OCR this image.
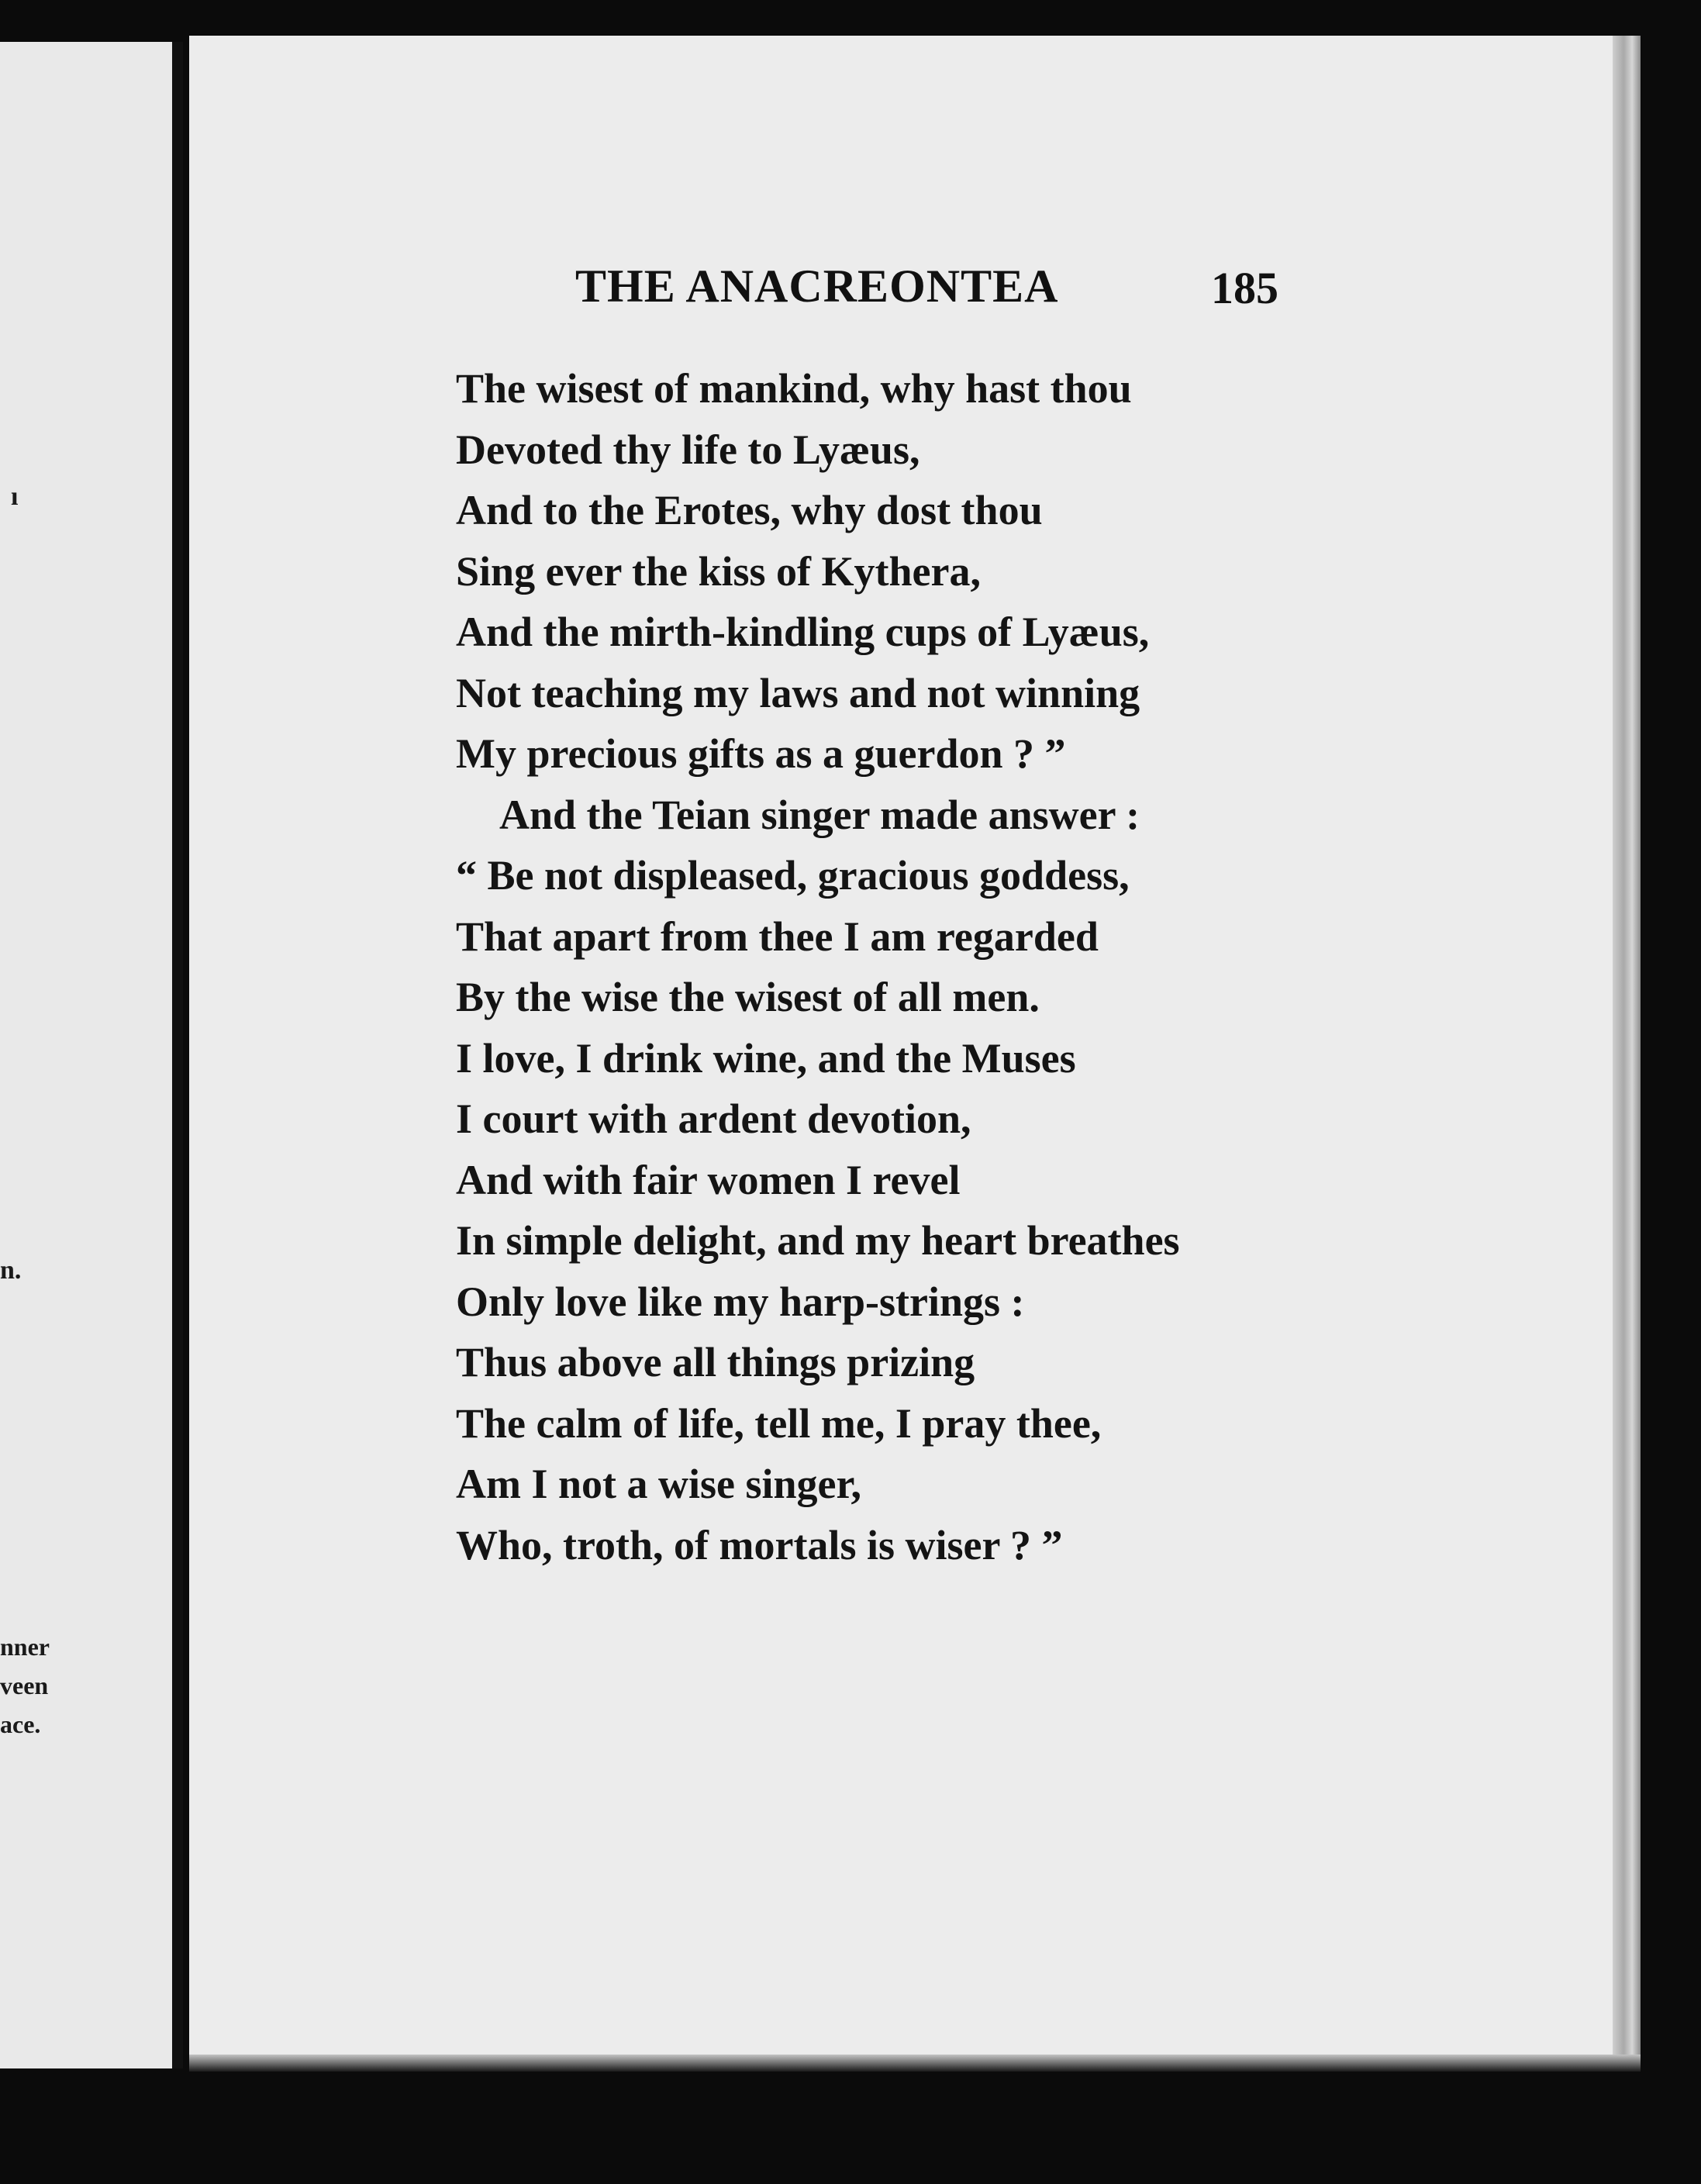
ı
n.
nner
veen
ace.
THE ANACREONTEA	185
The wisest of mankind, why hast thou
Devoted thy life to Lyæus,
And to the Erotes, why dost thou
Sing ever the kiss of Kythera,
And the mirth-kindling cups of Lyæus,
Not teaching my laws and not winning
My precious gifts as a guerdon ? ”
And the Teian singer made answer :
“ Be not displeased, gracious goddess,
That apart from thee I am regarded
By the wise the wisest of all men.
I love, I drink wine, and the Muses
I court with ardent devotion,
And with fair women I revel
In simple delight, and my heart breathes
Only love like my harp-strings :
Thus above all things prizing
The calm of life, tell me, I pray thee,
Am I not a wise singer,
Who, troth, of mortals is wiser ? ”
